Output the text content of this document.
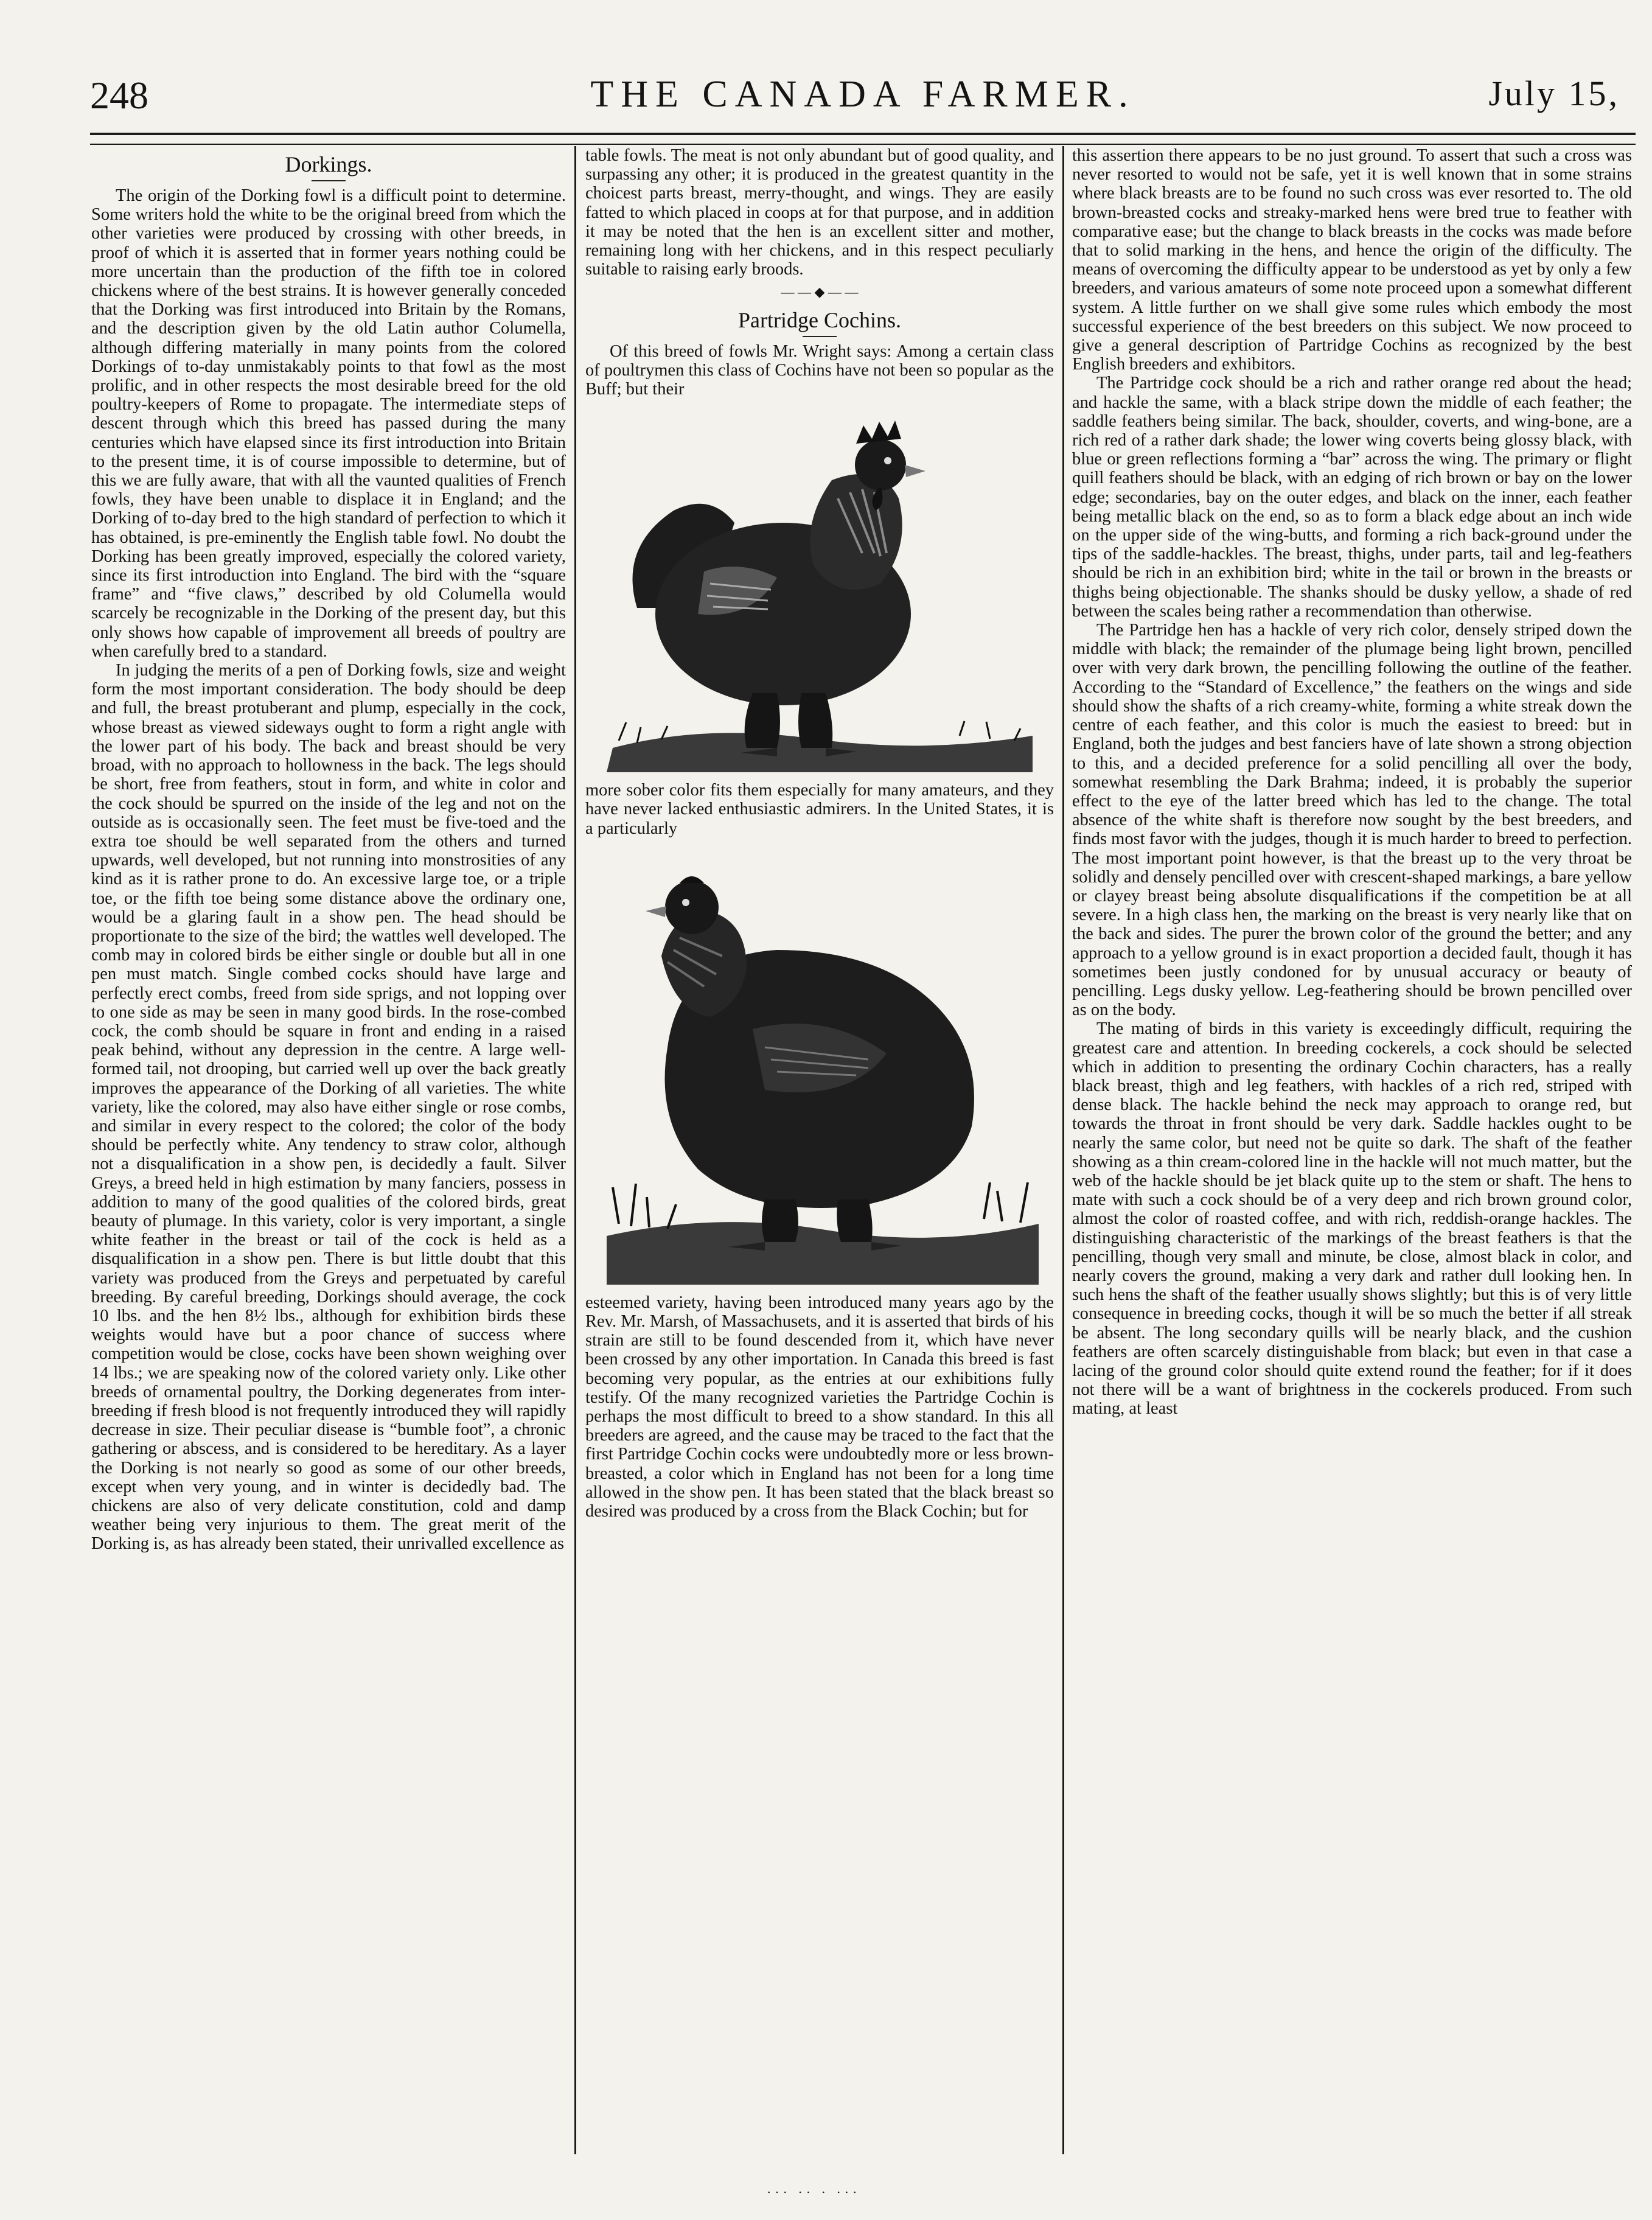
248	THE CANADA FARMER.	July 15,
Dorkings.

The origin of the Dorking fowl is a difficult point to determine. Some writers hold the white to be the original breed from which the other varieties were produced by crossing with other breeds, in proof of which it is asserted that in former years nothing could be more uncertain than the production of the fifth toe in colored chickens where of the best strains. It is however generally conceded that the Dorking was first introduced into Britain by the Romans, and the description given by the old Latin author Columella, although differing materially in many points from the colored Dorkings of to-day unmistakably points to that fowl as the most prolific, and in other respects the most desirable breed for the old poultry-keepers of Rome to propagate. The intermediate steps of descent through which this breed has passed during the many centuries which have elapsed since its first introduction into Britain to the present time, it is of course impossible to determine, but of this we are fully aware, that with all the vaunted qualities of French fowls, they have been unable to displace it in England; and the Dorking of to-day bred to the high standard of perfection to which it has obtained, is pre-eminently the English table fowl. No doubt the Dorking has been greatly improved, especially the colored variety, since its first introduction into England. The bird with the “square frame” and “five claws,” described by old Columella would scarcely be recognizable in the Dorking of the present day, but this only shows how capable of improvement all breeds of poultry are when carefully bred to a standard.

In judging the merits of a pen of Dorking fowls, size and weight form the most important consideration. The body should be deep and full, the breast protuberant and plump, especially in the cock, whose breast as viewed sideways ought to form a right angle with the lower part of his body. The back and breast should be very broad, with no approach to hollowness in the back. The legs should be short, free from feathers, stout in form, and white in color and the cock should be spurred on the inside of the leg and not on the outside as is occasionally seen. The feet must be five-toed and the extra toe should be well separated from the others and turned upwards, well developed, but not running into monstrosities of any kind as it is rather prone to do. An excessive large toe, or a triple toe, or the fifth toe being some distance above the ordinary one, would be a glaring fault in a show pen. The head should be proportionate to the size of the bird; the wattles well developed. The comb may in colored birds be either single or double but all in one pen must match. Single combed cocks should have large and perfectly erect combs, freed from side sprigs, and not lopping over to one side as may be seen in many good birds. In the rose-combed cock, the comb should be square in front and ending in a raised peak behind, without any depression in the centre. A large well-formed tail, not drooping, but carried well up over the back greatly improves the appearance of the Dorking of all varieties. The white variety, like the colored, may also have either single or rose combs, and similar in every respect to the colored; the color of the body should be perfectly white. Any tendency to straw color, although not a disqualification in a show pen, is decidedly a fault. Silver Greys, a breed held in high estimation by many fanciers, possess in addition to many of the good qualities of the colored birds, great beauty of plumage. In this variety, color is very important, a single white feather in the breast or tail of the cock is held as a disqualification in a show pen. There is but little doubt that this variety was produced from the Greys and perpetuated by careful breeding. By careful breeding, Dorkings should average, the cock 10 lbs. and the hen 8½ lbs., although for exhibition birds these weights would have but a poor chance of success where competition would be close, cocks have been shown weighing over 14 lbs.; we are speaking now of the colored variety only. Like other breeds of ornamental poultry, the Dorking degenerates from inter-breeding if fresh blood is not frequently introduced they will rapidly decrease in size. Their peculiar disease is “bumble foot”, a chronic gathering or abscess, and is considered to be hereditary. As a layer the Dorking is not nearly so good as some of our other breeds, except when very young, and in winter is decidedly bad. The chickens are also of very delicate constitution, cold and damp weather being very injurious to them. The great merit of the Dorking is, as has already been stated, their unrivalled excellence as

table fowls. The meat is not only abundant but of good quality, and surpassing any other; it is produced in the greatest quantity in the choicest parts breast, merry-thought, and wings. They are easily fatted to which placed in coops at for that purpose, and in addition it may be noted that the hen is an excellent sitter and mother, remaining long with her chickens, and in this respect peculiarly suitable to raising early broods.

— — ◆ — —
Partridge Cochins.

Of this breed of fowls Mr. Wright says: Among a certain class of poultrymen this class of Cochins have not been so popular as the Buff; but their

more sober color fits them especially for many amateurs, and they have never lacked enthusiastic admirers. In the United States, it is a particularly

esteemed variety, having been introduced many years ago by the Rev. Mr. Marsh, of Massachusets, and it is asserted that birds of his strain are still to be found descended from it, which have never been crossed by any other importation. In Canada this breed is fast becoming very popular, as the entries at our exhibitions fully testify. Of the many recognized varieties the Partridge Cochin is perhaps the most difficult to breed to a show standard. In this all breeders are agreed, and the cause may be traced to the fact that the first Partridge Cochin cocks were undoubtedly more or less brown-breasted, a color which in England has not been for a long time allowed in the show pen. It has been stated that the black breast so desired was produced by a cross from the Black Cochin; but for

this assertion there appears to be no just ground. To assert that such a cross was never resorted to would not be safe, yet it is well known that in some strains where black breasts are to be found no such cross was ever resorted to. The old brown-breasted cocks and streaky-marked hens were bred true to feather with comparative ease; but the change to black breasts in the cocks was made before that to solid marking in the hens, and hence the origin of the difficulty. The means of overcoming the difficulty appear to be understood as yet by only a few breeders, and various amateurs of some note proceed upon a somewhat different system. A little further on we shall give some rules which embody the most successful experience of the best breeders on this subject. We now proceed to give a general description of Partridge Cochins as recognized by the best English breeders and exhibitors.

The Partridge cock should be a rich and rather orange red about the head; and hackle the same, with a black stripe down the middle of each feather; the saddle feathers being similar. The back, shoulder, coverts, and wing-bone, are a rich red of a rather dark shade; the lower wing coverts being glossy black, with blue or green reflections forming a “bar” across the wing. The primary or flight quill feathers should be black, with an edging of rich brown or bay on the lower edge; secondaries, bay on the outer edges, and black on the inner, each feather being metallic black on the end, so as to form a black edge about an inch wide on the upper side of the wing-butts, and forming a rich back-ground under the tips of the saddle-hackles. The breast, thighs, under parts, tail and leg-feathers should be rich in an exhibition bird; white in the tail or brown in the breasts or thighs being objectionable. The shanks should be dusky yellow, a shade of red between the scales being rather a recommendation than otherwise.

The Partridge hen has a hackle of very rich color, densely striped down the middle with black; the remainder of the plumage being light brown, pencilled over with very dark brown, the pencilling following the outline of the feather. According to the “Standard of Excellence,” the feathers on the wings and side should show the shafts of a rich creamy-white, forming a white streak down the centre of each feather, and this color is much the easiest to breed: but in England, both the judges and best fanciers have of late shown a strong objection to this, and a decided preference for a solid pencilling all over the body, somewhat resembling the Dark Brahma; indeed, it is probably the superior effect to the eye of the latter breed which has led to the change. The total absence of the white shaft is therefore now sought by the best breeders, and finds most favor with the judges, though it is much harder to breed to perfection. The most important point however, is that the breast up to the very throat be solidly and densely pencilled over with crescent-shaped markings, a bare yellow or clayey breast being absolute disqualifications if the competition be at all severe. In a high class hen, the marking on the breast is very nearly like that on the back and sides. The purer the brown color of the ground the better; and any approach to a yellow ground is in exact proportion a decided fault, though it has sometimes been justly condoned for by unusual accuracy or beauty of pencilling. Legs dusky yellow. Leg-feathering should be brown pencilled over as on the body.

The mating of birds in this variety is exceedingly difficult, requiring the greatest care and attention. In breeding cockerels, a cock should be selected which in addition to presenting the ordinary Cochin characters, has a really black breast, thigh and leg feathers, with hackles of a rich red, striped with dense black. The hackle behind the neck may approach to orange red, but towards the throat in front should be very dark. Saddle hackles ought to be nearly the same color, but need not be quite so dark. The shaft of the feather showing as a thin cream-colored line in the hackle will not much matter, but the web of the hackle should be jet black quite up to the stem or shaft. The hens to mate with such a cock should be of a very deep and rich brown ground color, almost the color of roasted coffee, and with rich, reddish-orange hackles. The distinguishing characteristic of the markings of the breast feathers is that the pencilling, though very small and minute, be close, almost black in color, and nearly covers the ground, making a very dark and rather dull looking hen. In such hens the shaft of the feather usually shows slightly; but this is of very little consequence in breeding cocks, though it will be so much the better if all streak be absent. The long secondary quills will be nearly black, and the cushion feathers are often scarcely distinguishable from black; but even in that case a lacing of the ground color should quite extend round the feather; for if it does not there will be a want of brightness in the cockerels produced. From such mating, at least

··· ·· · ···
